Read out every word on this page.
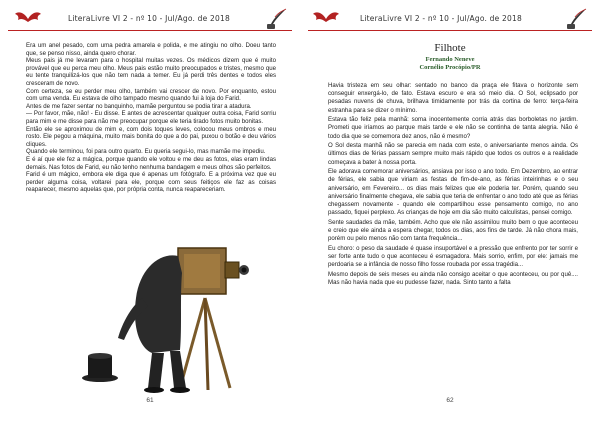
LiteraLivre VI 2 - nº 10 - Jul/Ago. de 2018

Era um anel pesado, com uma pedra amarela e polida, e me atingiu no olho. Doeu tanto que, se penso nisso, ainda quero chorar.

Meus pais já me levaram para o hospital muitas vezes. Os médicos dizem que é muito provável que eu perca meu olho. Meus pais estão muito preocupados e tristes, mesmo que eu tente tranquilizá-los que não tem nada a temer. Eu já perdi três dentes e todos eles cresceram de novo.

Com certeza, se eu perder meu olho, também vai crescer de novo. Por enquanto, estou com uma venda. Eu estava de olho tampado mesmo quando fui à loja do Farid.

Antes de me fazer sentar no banquinho, mamãe perguntou se podia tirar a atadura.

— Por favor, mãe, não! - Eu disse. E antes de acrescentar qualquer outra coisa, Farid sorriu para mim e me disse para não me preocupar porque ele teria tirado fotos muito bonitas.

Então ele se aproximou de mim e, com dois toques leves, colocou meus ombros e meu rosto. Ele pegou a máquina, muito mais bonita do que a do pai, puxou o botão e deu vários cliques.

Quando ele terminou, foi para outro quarto. Eu queria segui-lo, mas mamãe me impediu.

E é aí que ele fez a mágica, porque quando ele voltou e me deu as fotos, elas eram lindas demais. Nas fotos de Farid, eu não tenho nenhuma bandagem e meus olhos são perfeitos.

Farid é um mágico, embora ele diga que é apenas um fotógrafo. E a próxima vez que eu perder alguma coisa, voltarei para ele, porque com seus feitiços ele faz as coisas reaparecer, mesmo aquelas que, por própria conta, nunca reapareceriam.

61
LiteraLivre VI 2 - nº 10 - Jul/Ago. de 2018
Filhote
Fernando Neneve
Cornélio Procópio/PR

Havia tristeza em seu olhar: sentado no banco da praça ele fitava o horizonte sem conseguir enxergá-lo, de fato. Estava escuro e era só meio dia. O Sol, eclipsado por pesadas nuvens de chuva, brilhava timidamente por trás da cortina de ferro: terça-feira estranha para se dizer o mínimo.

Estava tão feliz pela manhã: soma inocentemente corria atrás das borboletas no jardim. Prometi que iríamos ao parque mais tarde e ele não se continha de tanta alegria. Não é todo dia que se comemora dez anos, não é mesmo?

O Sol desta manhã não se parecia em nada com este, o aniversariante menos ainda. Os últimos dias de férias passam sempre muito mais rápido que todos os outros e a realidade começava a bater à nossa porta.

Ele adorava comemorar aniversários, ansiava por isso o ano todo. Em Dezembro, ao entrar de férias, ele sabia que viriam as festas de fim-de-ano, as férias inteirinhas e o seu aniversário, em Fevereiro... os dias mais felizes que ele poderia ter. Porém, quando seu aniversário finalmente chegava, ele sabia que teria de enfrentar o ano todo até que as férias chegassem novamente - quando ele compartilhou esse pensamento comigo, no ano passado, fiquei perplexo. As crianças de hoje em dia são muito calculistas, pensei comigo.

Sente saudades da mãe, também. Acho que ele não assimilou muito bem o que aconteceu e creio que ele ainda a espera chegar, todos os dias, aos fins de tarde. Já não chora mais, porém ou pelo menos não com tanta frequência...

Eu choro: o peso da saudade é quase insuportável e a pressão que enfrento por ter sorrir e ser forte ante tudo o que aconteceu é esmagadora. Mais sorrio, enfim, por ele: jamais me perdoaria se a infância de nosso filho fosse roubada por essa tragédia...

Mesmo depois de seis meses eu ainda não consigo aceitar o que aconteceu, ou por quê.... Mas não havia nada que eu pudesse fazer, nada. Sinto tanto a falta

62
